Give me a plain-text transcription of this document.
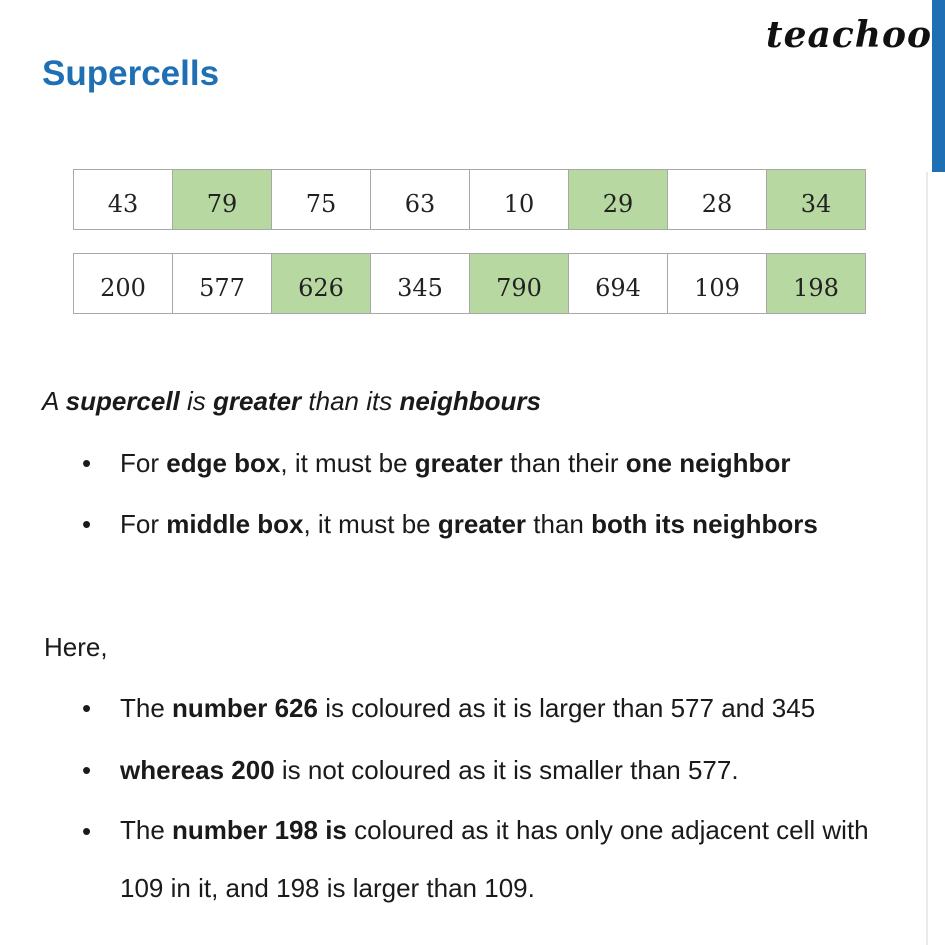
teachoo
Supercells
43	79	75	63	10	29	28	34
200	577	626	345	790	694	109	198
A supercell is greater than its neighbours
• For edge box, it must be greater than their one neighbor
• For middle box, it must be greater than both its neighbors
Here,
• The number 626 is coloured as it is larger than 577 and 345
• whereas 200 is not coloured as it is smaller than 577.
• The number 198 is coloured as it has only one adjacent cell with 109 in it, and 198 is larger than 109.
